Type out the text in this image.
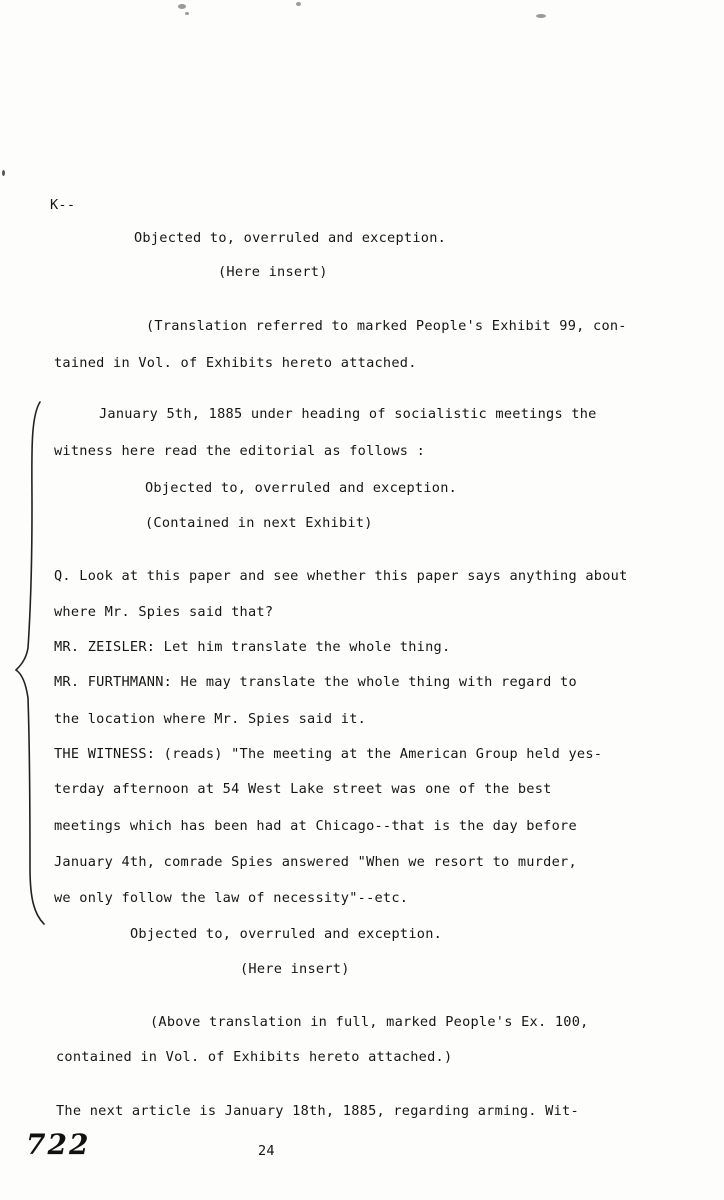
K--
Objected to, overruled and exception.
(Here insert)
(Translation referred to marked People's Exhibit 99, con-
tained in Vol. of Exhibits hereto attached.
January 5th, 1885 under heading of socialistic meetings the
witness here read the editorial as follows :
Objected to, overruled and exception.
(Contained in next Exhibit)
Q. Look at this paper and see whether this paper says anything about
where Mr. Spies said that?
MR. ZEISLER: Let him translate the whole thing.
MR. FURTHMANN: He may translate the whole thing with regard to
the location where Mr. Spies said it.
THE WITNESS: (reads) "The meeting at the American Group held yes-
terday afternoon at 54 West Lake street was one of the best
meetings which has been had at Chicago--that is the day before
January 4th, comrade Spies answered "When we resort to murder,
we only follow the law of necessity"--etc.
Objected to, overruled and exception.
(Here insert)
(Above translation in full, marked People's Ex. 100,
contained in Vol. of Exhibits hereto attached.)
The next article is January 18th, 1885, regarding arming. Wit-
722	24
